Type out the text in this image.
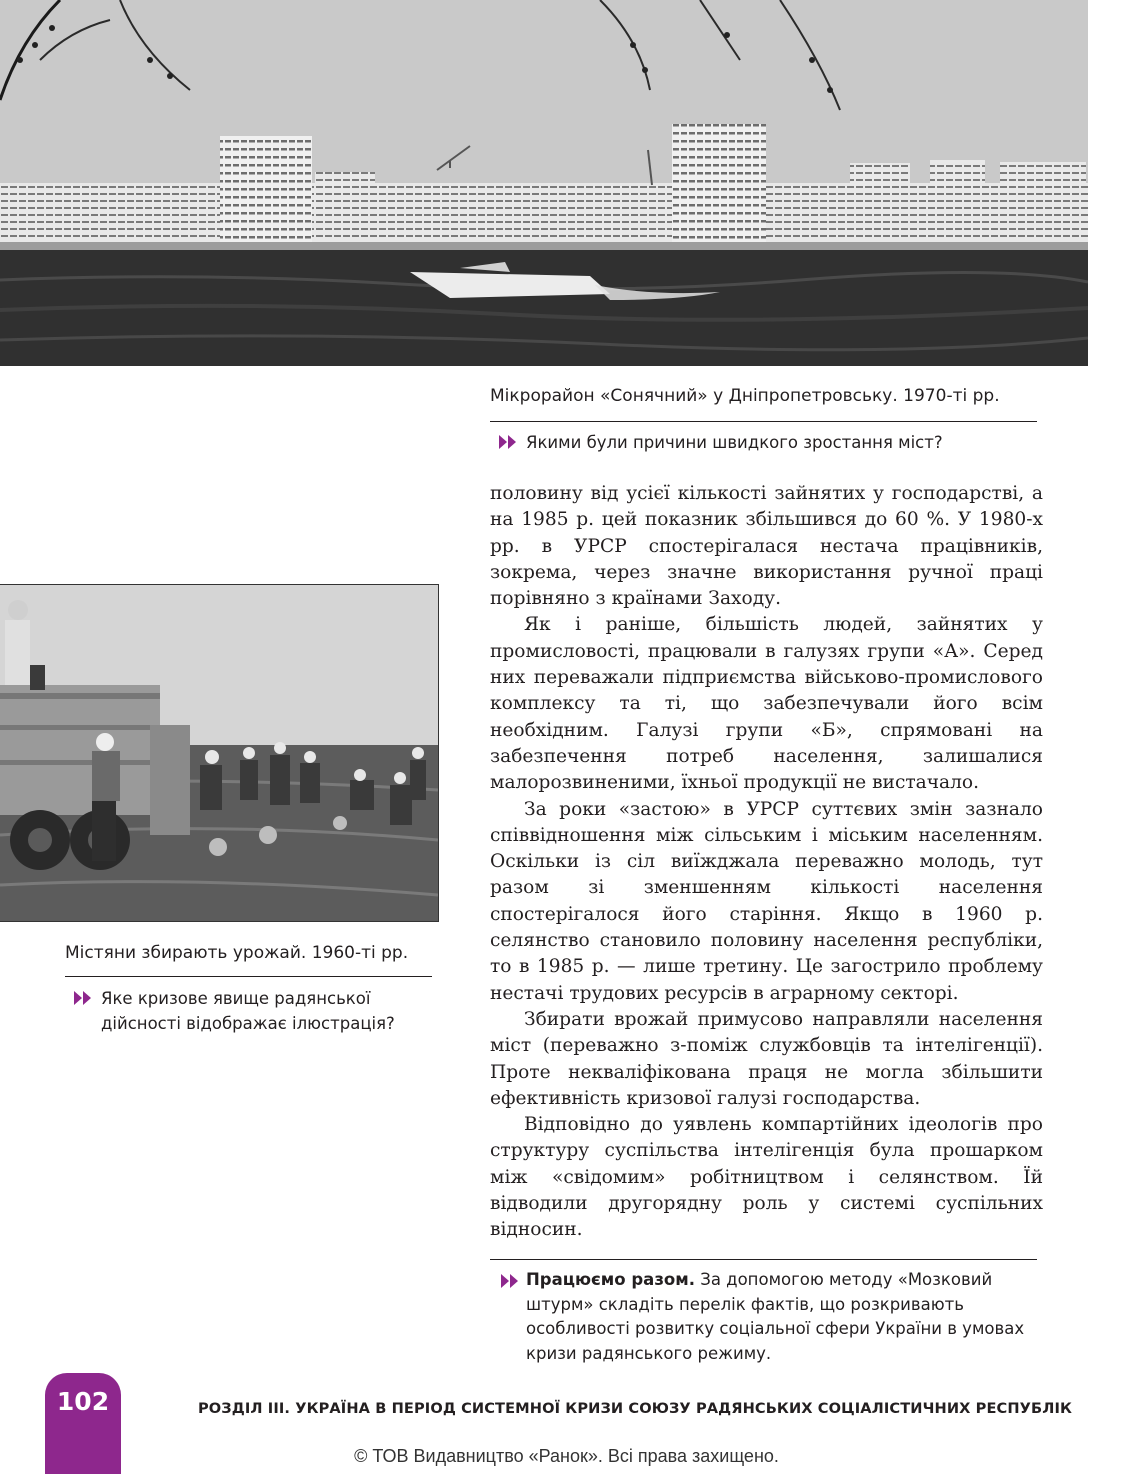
Мікрорайон «Сонячний» у Дніпропетровську. 1970-ті рр.
Якими були причини швидкого зростання міст?
Містяни збирають урожай. 1960-ті рр.
Яке кризове явище радянської
дійсності відображає ілюстрація?

половину від усієї кількості зайнятих у господарстві, а на 1985 р. цей показник збільшився до 60 %. У 1980-х рр. в УРСР спостерігалася нестача працівників, зокрема, через значне використання ручної праці порівняно з країнами Заходу.

Як і раніше, більшість людей, зайнятих у промисловості, працювали в галузях групи «А». Серед них переважали підприємства військово-промислового комплексу та ті, що забезпечували його всім необхідним. Галузі групи «Б», спрямовані на забезпечення потреб населення, залишалися малорозвиненими, їхньої продукції не вистачало.

За роки «застою» в УРСР суттєвих змін зазнало співвідношення між сільським і міським населенням. Оскільки із сіл виїжджала переважно молодь, тут разом зі зменшенням кількості населення спостерігалося його старіння. Якщо в 1960 р. селянство становило половину населення республіки, то в 1985 р. — лише третину. Це загострило проблему нестачі трудових ресурсів в аграрному секторі.

Збирати врожай примусово направляли населення міст (переважно з-поміж службовців та інтелігенції). Проте некваліфікована праця не могла збільшити ефективність кризової галузі господарства.

Відповідно до уявлень компартійних ідеологів про структуру суспільства інтелігенція була прошарком між «свідомим» робітництвом і селянством. Їй відводили другорядну роль у системі суспільних відносин.

Працюємо разом. За допомогою методу «Мозковий штурм» складіть перелік фактів, що розкривають особливості розвитку соціальної сфери України в умовах кризи радянського режиму.
102	РОЗДІЛ III. УКРАЇНА В ПЕРІОД СИСТЕМНОЇ КРИЗИ СОЮЗУ РАДЯНСЬКИХ СОЦІАЛІСТИЧНИХ РЕСПУБЛІК
© ТОВ Видавництво «Ранок». Всі права захищено.
